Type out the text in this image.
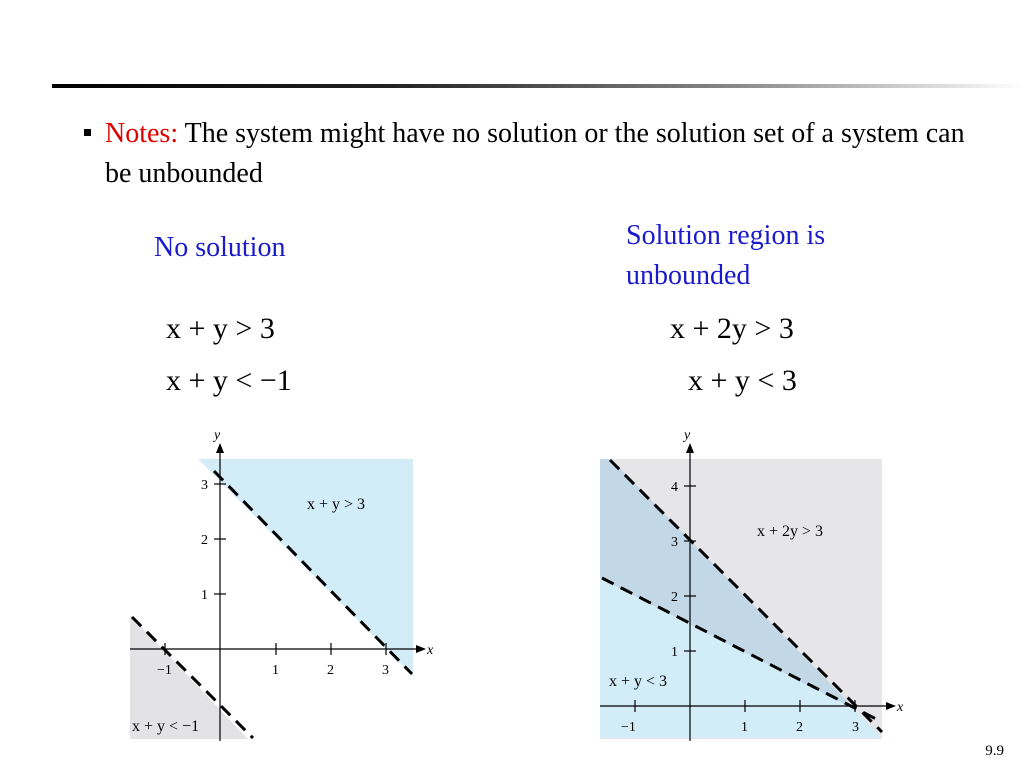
Notes: The system might have no solution or the solution set of a system can be unbounded
No solution	Solution region is unbounded
x + y > 3
x + y < −1
x + 2y > 3
x + y < 3
−1	1	2	3
1
2
3
x
y
x + y > 3
x + y < −1	−1	1	2	3
1
2
3
4
x
y
x + 2y > 3
x + y < 3
9.9
